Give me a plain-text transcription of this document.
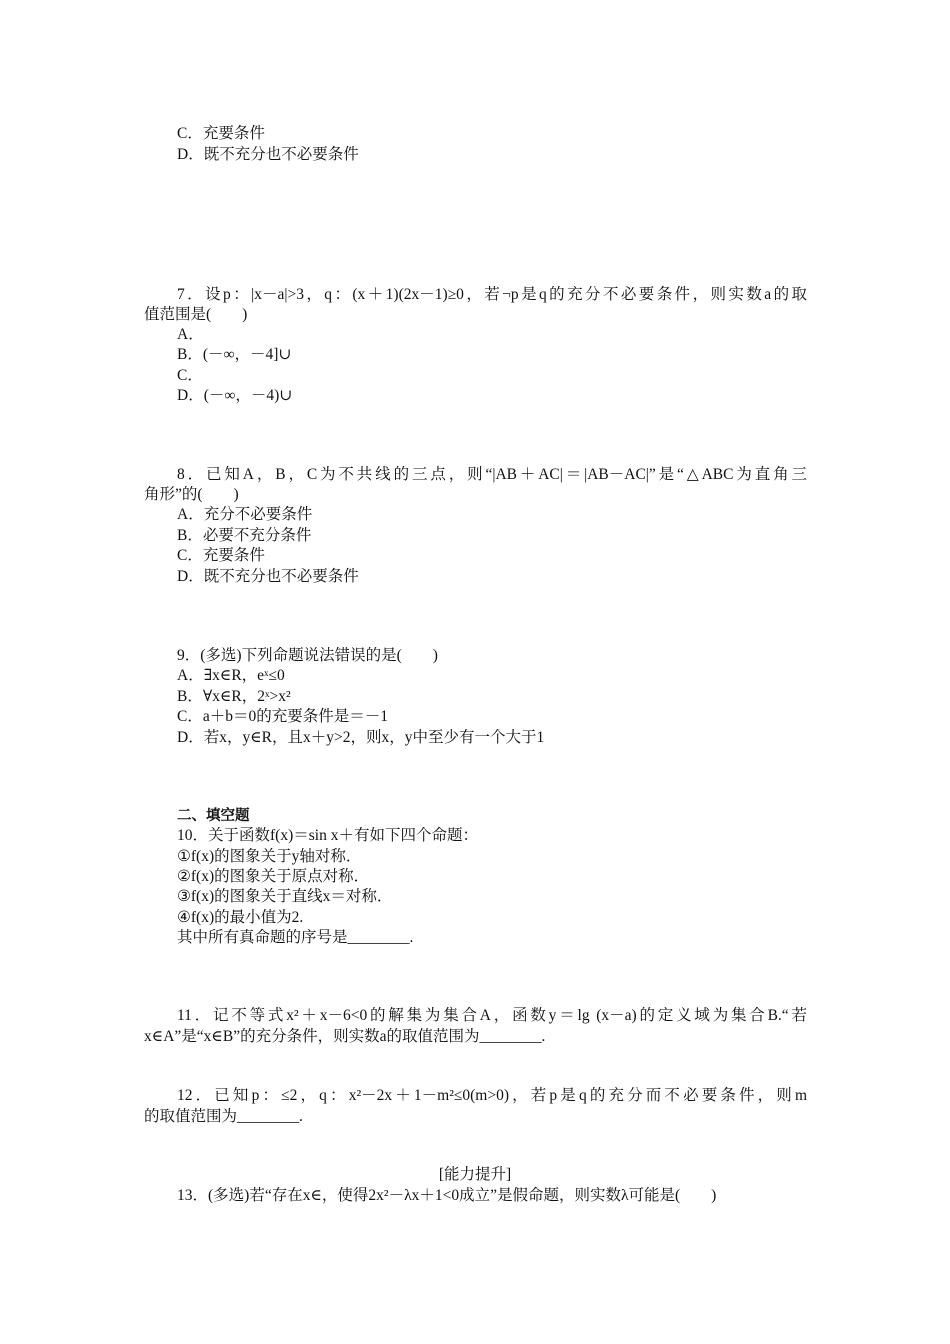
C．充要条件
D．既不充分也不必要条件
7．设p：|x－a|>3，q：(x＋1)(2x－1)≥0，若¬p是q的充分不必要条件，则实数a的取
值范围是(　　)
A．
B．(－∞，－4]∪
C．
D．(－∞，－4)∪
8．已知A，B，C为不共线的三点，则“|AB＋AC|＝|AB－AC|”是“△ABC为直角三
角形”的(　　)
A．充分不必要条件
B．必要不充分条件
C．充要条件
D．既不充分也不必要条件
9．(多选)下列命题说法错误的是(　　)
A．∃x∈R，eˣ≤0
B．∀x∈R，2ˣ>x²
C．a＋b＝0的充要条件是＝－1
D．若x，y∈R，且x＋y>2，则x，y中至少有一个大于1
二、填空题
10．关于函数f(x)＝sin x＋有如下四个命题：
①f(x)的图象关于y轴对称．
②f(x)的图象关于原点对称．
③f(x)的图象关于直线x＝对称．
④f(x)的最小值为2.
其中所有真命题的序号是________.
11．记不等式x²＋x－6<0的解集为集合A，函数y＝lg (x－a)的定义域为集合B.“若
x∈A”是“x∈B”的充分条件，则实数a的取值范围为________.
12．已知p：≤2，q：x²－2x＋1－m²≤0(m>0)，若p是q的充分而不必要条件，则m
的取值范围为________.
[能力提升]
13．(多选)若“存在x∈，使得2x²－λx＋1<0成立”是假命题，则实数λ可能是(　　)
